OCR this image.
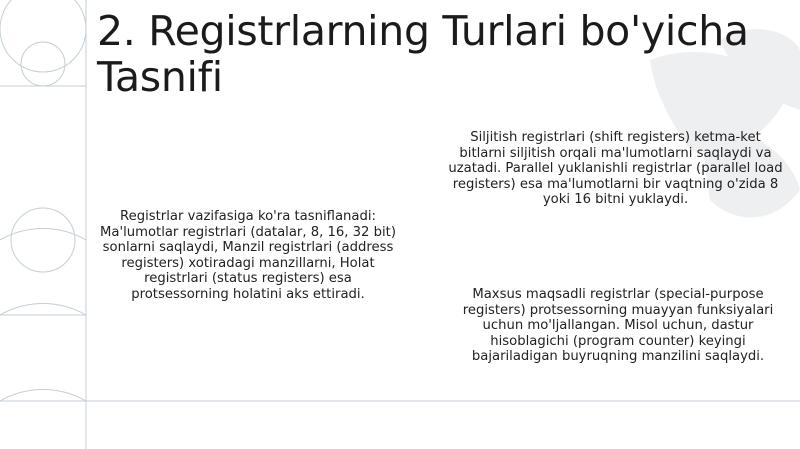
2. Registrlarning Turlari bo'yicha Tasnifi

Registrlar vazifasiga ko'ra tasniflanadi: Ma'lumotlar registrlari (datalar, 8, 16, 32 bit) sonlarni saqlaydi, Manzil registrlari (address registers) xotiradagi manzillarni, Holat registrlari (status registers) esa protsessorning holatini aks ettiradi.

Siljitish registrlari (shift registers) ketma-ket bitlarni siljitish orqali ma'lumotlarni saqlaydi va uzatadi. Parallel yuklanishli registrlar (parallel load registers) esa ma'lumotlarni bir vaqtning o'zida 8 yoki 16 bitni yuklaydi.

Maxsus maqsadli registrlar (special-purpose registers) protsessorning muayyan funksiyalari uchun mo'ljallangan. Misol uchun, dastur hisoblagichi (program counter) keyingi bajariladigan buyruqning manzilini saqlaydi.
